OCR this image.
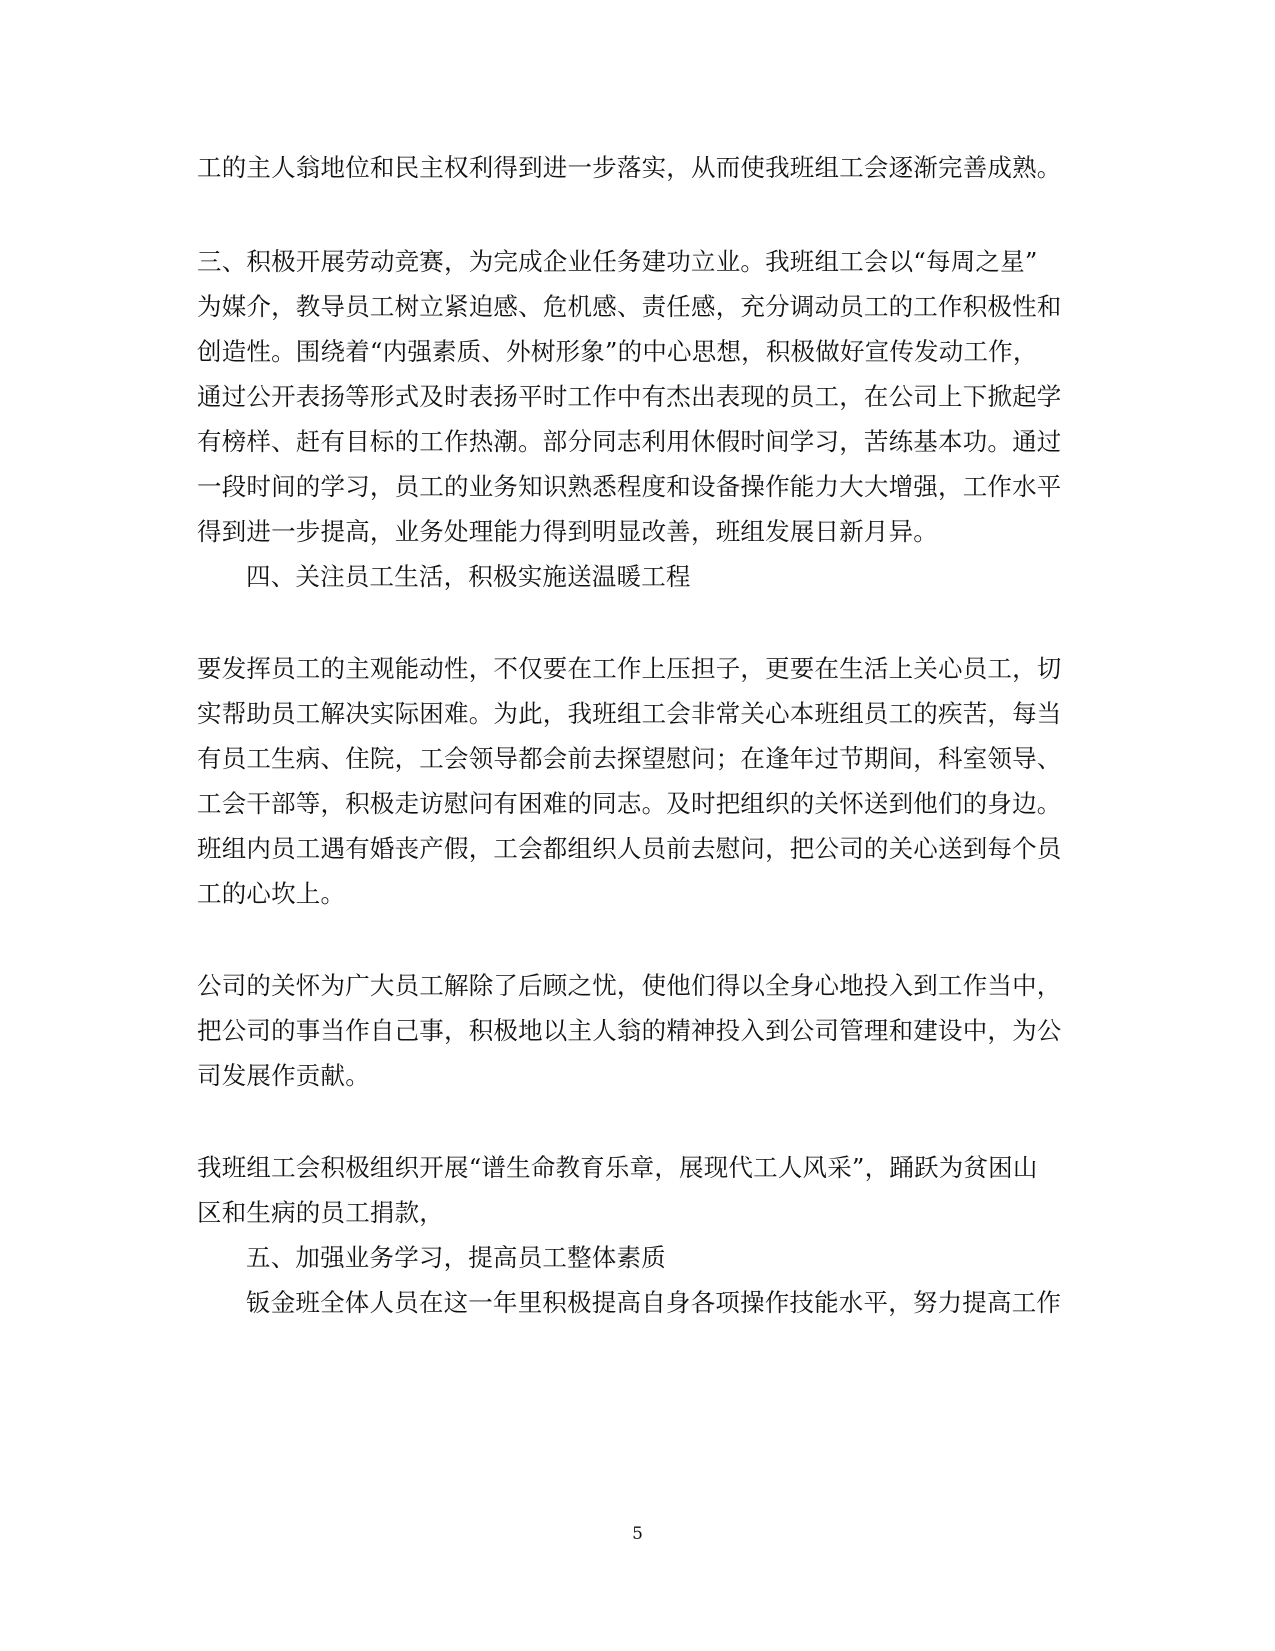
工的主人翁地位和民主权利得到进一步落实，从而使我班组工会逐渐完善成熟。
三、积极开展劳动竞赛，为完成企业任务建功立业。我班组工会以“每周之星”
为媒介，教导员工树立紧迫感、危机感、责任感，充分调动员工的工作积极性和
创造性。围绕着“内强素质、外树形象”的中心思想，积极做好宣传发动工作，
通过公开表扬等形式及时表扬平时工作中有杰出表现的员工，在公司上下掀起学
有榜样、赶有目标的工作热潮。部分同志利用休假时间学习，苦练基本功。通过
一段时间的学习，员工的业务知识熟悉程度和设备操作能力大大增强，工作水平
得到进一步提高，业务处理能力得到明显改善，班组发展日新月异。
四、关注员工生活，积极实施送温暖工程
要发挥员工的主观能动性，不仅要在工作上压担子，更要在生活上关心员工，切
实帮助员工解决实际困难。为此，我班组工会非常关心本班组员工的疾苦，每当
有员工生病、住院，工会领导都会前去探望慰问；在逢年过节期间，科室领导、
工会干部等，积极走访慰问有困难的同志。及时把组织的关怀送到他们的身边。
班组内员工遇有婚丧产假，工会都组织人员前去慰问，把公司的关心送到每个员
工的心坎上。
公司的关怀为广大员工解除了后顾之忧，使他们得以全身心地投入到工作当中，
把公司的事当作自己事，积极地以主人翁的精神投入到公司管理和建设中，为公
司发展作贡献。
我班组工会积极组织开展“谱生命教育乐章，展现代工人风采”，踊跃为贫困山
区和生病的员工捐款，
五、加强业务学习，提高员工整体素质
钣金班全体人员在这一年里积极提高自身各项操作技能水平，努力提高工作
5
